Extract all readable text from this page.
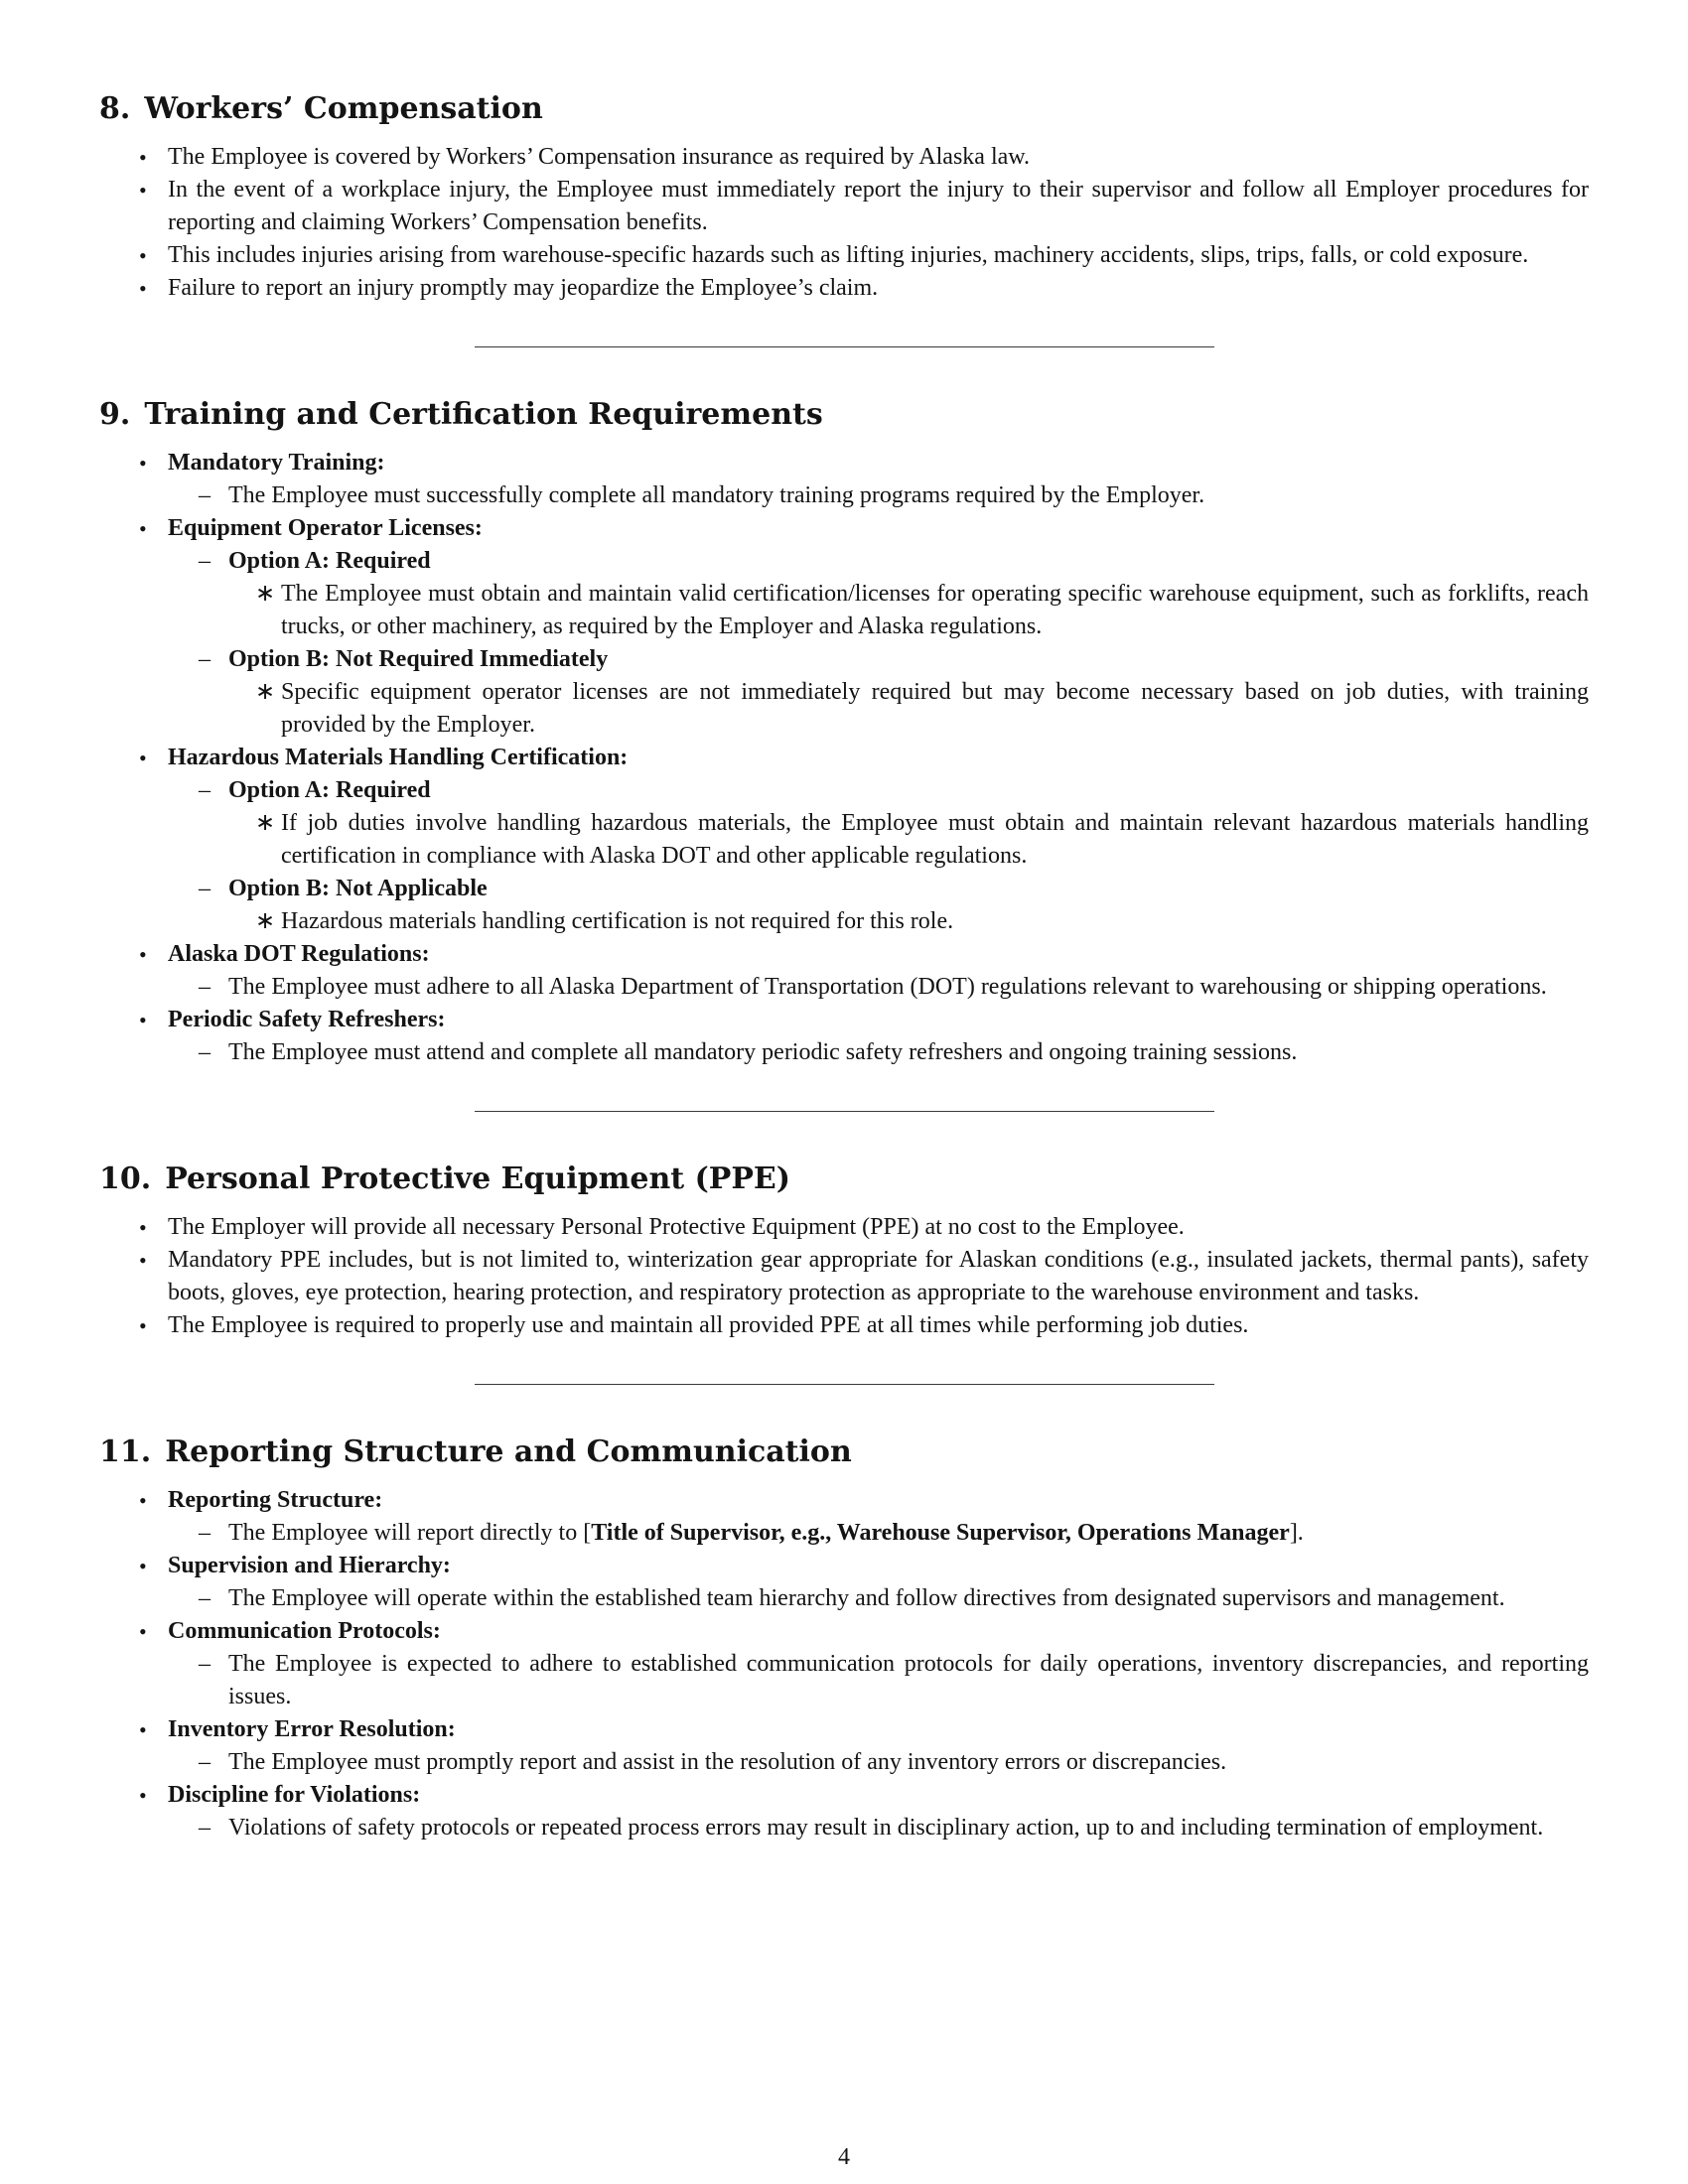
8. Workers’ Compensation
• The Employee is covered by Workers’ Compensation insurance as required by Alaska law.
• In the event of a workplace injury, the Employee must immediately report the injury to their supervisor and follow all Employer procedures for reporting and claiming Workers’ Compensation benefits.
• This includes injuries arising from warehouse-specific hazards such as lifting injuries, machinery accidents, slips, trips, falls, or cold exposure.
• Failure to report an injury promptly may jeopardize the Employee’s claim.
9. Training and Certification Requirements
• Mandatory Training:
– The Employee must successfully complete all mandatory training programs required by the Employer.
• Equipment Operator Licenses:
– Option A: Required
∗ The Employee must obtain and maintain valid certification/licenses for operating specific warehouse equipment, such as forklifts, reach trucks, or other machinery, as required by the Employer and Alaska regulations.
– Option B: Not Required Immediately
∗ Specific equipment operator licenses are not immediately required but may become necessary based on job duties, with training provided by the Employer.
• Hazardous Materials Handling Certification:
– Option A: Required
∗ If job duties involve handling hazardous materials, the Employee must obtain and maintain relevant hazardous materials handling certification in compliance with Alaska DOT and other applicable regulations.
– Option B: Not Applicable
∗ Hazardous materials handling certification is not required for this role.
• Alaska DOT Regulations:
– The Employee must adhere to all Alaska Department of Transportation (DOT) regulations relevant to warehousing or shipping operations.
• Periodic Safety Refreshers:
– The Employee must attend and complete all mandatory periodic safety refreshers and ongoing training sessions.
10. Personal Protective Equipment (PPE)
• The Employer will provide all necessary Personal Protective Equipment (PPE) at no cost to the Employee.
• Mandatory PPE includes, but is not limited to, winterization gear appropriate for Alaskan conditions (e.g., insulated jackets, thermal pants), safety boots, gloves, eye protection, hearing protection, and respiratory protection as appropriate to the warehouse environment and tasks.
• The Employee is required to properly use and maintain all provided PPE at all times while performing job duties.
11. Reporting Structure and Communication
• Reporting Structure:
– The Employee will report directly to [Title of Supervisor, e.g., Warehouse Supervisor, Operations Manager].
• Supervision and Hierarchy:
– The Employee will operate within the established team hierarchy and follow directives from designated supervisors and management.
• Communication Protocols:
– The Employee is expected to adhere to established communication protocols for daily operations, inventory discrepancies, and reporting issues.
• Inventory Error Resolution:
– The Employee must promptly report and assist in the resolution of any inventory errors or discrepancies.
• Discipline for Violations:
– Violations of safety protocols or repeated process errors may result in disciplinary action, up to and including termination of employment.
4
